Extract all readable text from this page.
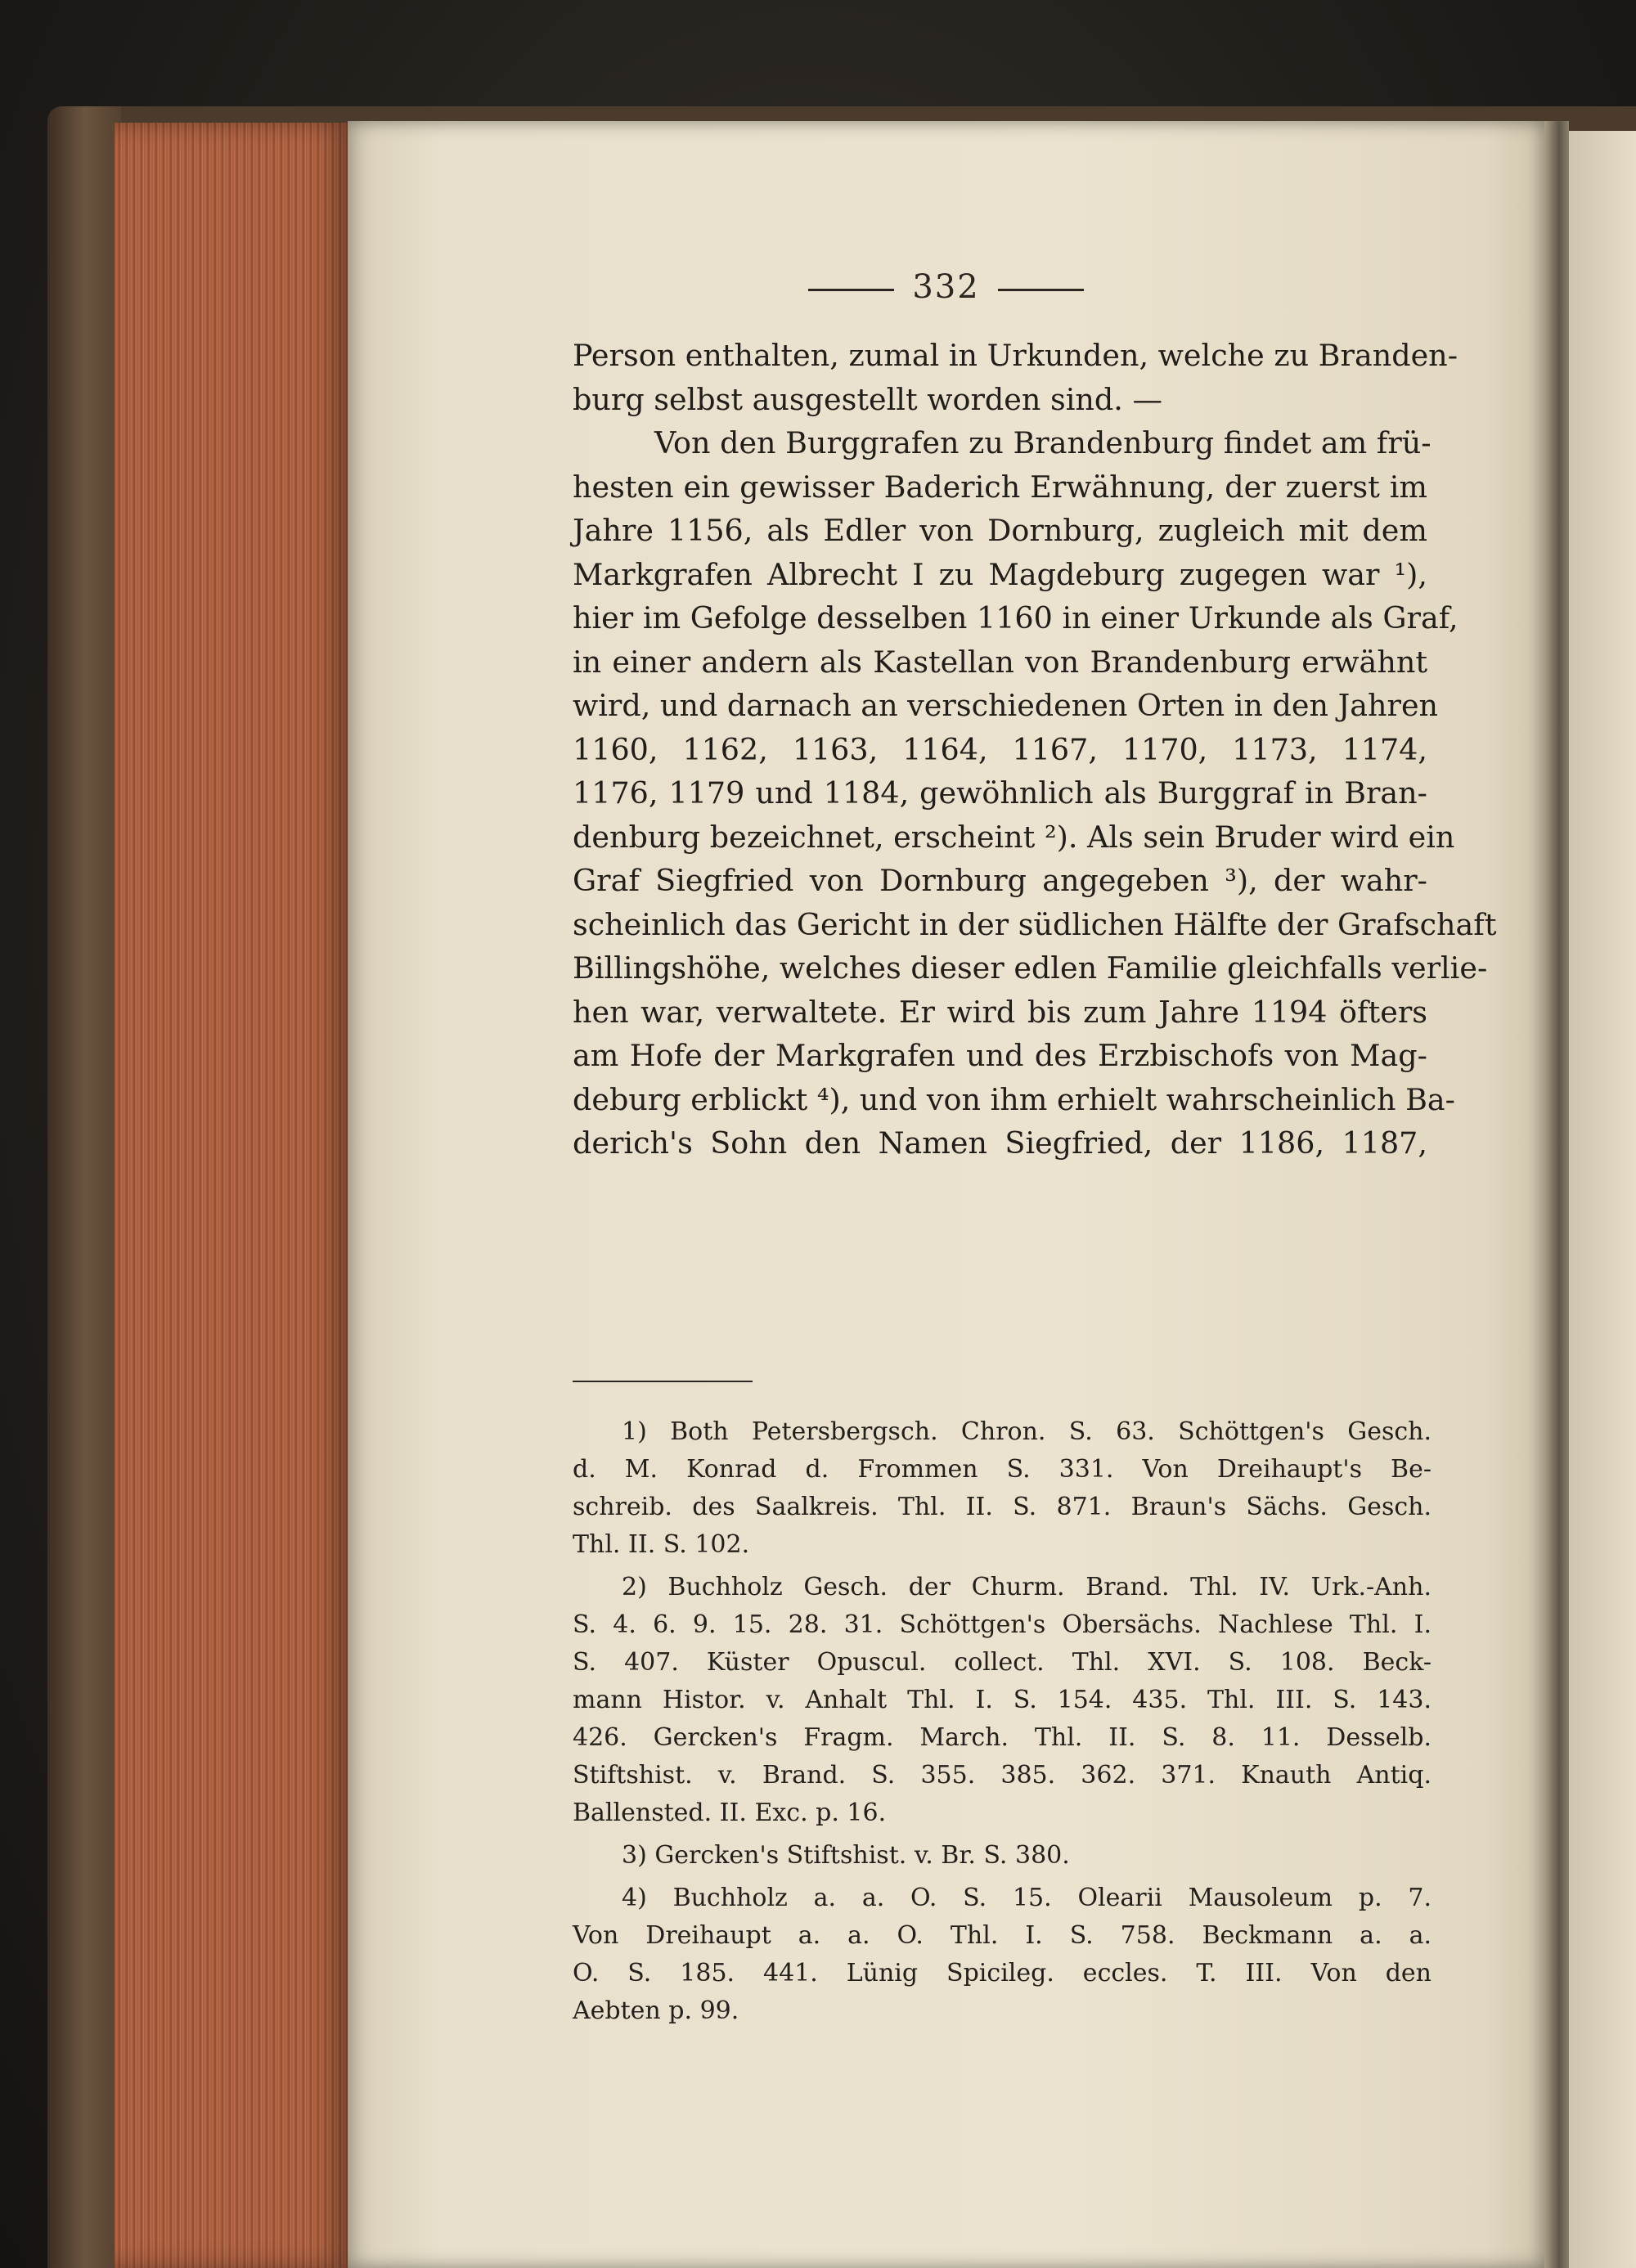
332
Person enthalten, zumal in Urkunden, welche zu Branden-
burg selbst ausgestellt worden sind. —
Von den Burggrafen zu Brandenburg findet am frü-
hesten ein gewisser Baderich Erwähnung, der zuerst im
Jahre 1156, als Edler von Dornburg, zugleich mit dem
Markgrafen Albrecht I zu Magdeburg zugegen war ¹),
hier im Gefolge desselben 1160 in einer Urkunde als Graf,
in einer andern als Kastellan von Brandenburg erwähnt
wird, und darnach an verschiedenen Orten in den Jahren
1160, 1162, 1163, 1164, 1167, 1170, 1173, 1174,
1176, 1179 und 1184, gewöhnlich als Burggraf in Bran-
denburg bezeichnet, erscheint ²). Als sein Bruder wird ein
Graf Siegfried von Dornburg angegeben ³), der wahr-
scheinlich das Gericht in der südlichen Hälfte der Grafschaft
Billingshöhe, welches dieser edlen Familie gleichfalls verlie-
hen war, verwaltete. Er wird bis zum Jahre 1194 öfters
am Hofe der Markgrafen und des Erzbischofs von Mag-
deburg erblickt ⁴), und von ihm erhielt wahrscheinlich Ba-
derich's Sohn den Namen Siegfried, der 1186, 1187,
1) Both Petersbergsch. Chron. S. 63. Schöttgen's Gesch.
d. M. Konrad d. Frommen S. 331. Von Dreihaupt's Be-
schreib. des Saalkreis. Thl. II. S. 871. Braun's Sächs. Gesch.
Thl. II. S. 102.
2) Buchholz Gesch. der Churm. Brand. Thl. IV. Urk.-Anh.
S. 4. 6. 9. 15. 28. 31. Schöttgen's Obersächs. Nachlese Thl. I.
S. 407. Küster Opuscul. collect. Thl. XVI. S. 108. Beck-
mann Histor. v. Anhalt Thl. I. S. 154. 435. Thl. III. S. 143.
426. Gercken's Fragm. March. Thl. II. S. 8. 11. Desselb.
Stiftshist. v. Brand. S. 355. 385. 362. 371. Knauth Antiq.
Ballensted. II. Exc. p. 16.
3) Gercken's Stiftshist. v. Br. S. 380.
4) Buchholz a. a. O. S. 15. Olearii Mausoleum p. 7.
Von Dreihaupt a. a. O. Thl. I. S. 758. Beckmann a. a.
O. S. 185. 441. Lünig Spicileg. eccles. T. III. Von den
Aebten p. 99.
